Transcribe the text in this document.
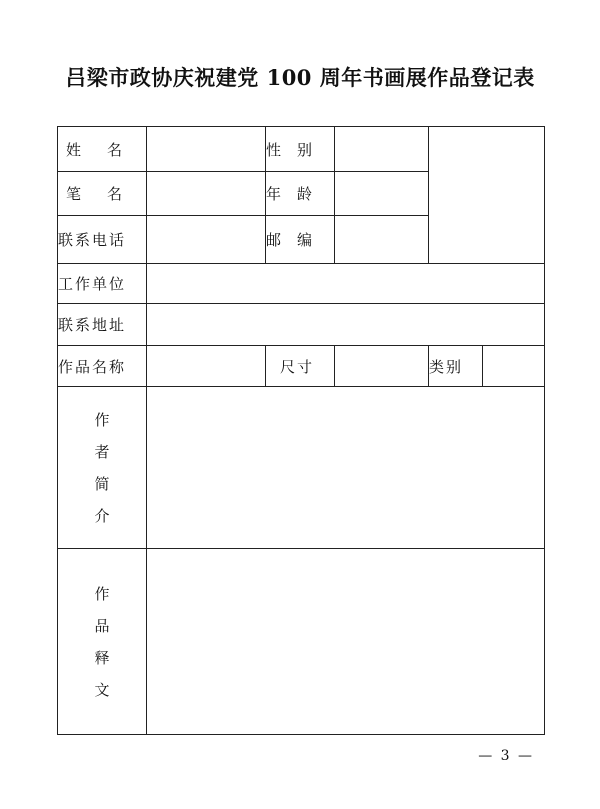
吕梁市政协庆祝建党 100 周年书画展作品登记表
姓 名		性 别			

笔 名		年 龄			

联系电话		邮 编			

工作单位					
联系地址					
作品名称		尺寸		类别	

作
者
简
介					

作
品
释
文					

— 3 —
